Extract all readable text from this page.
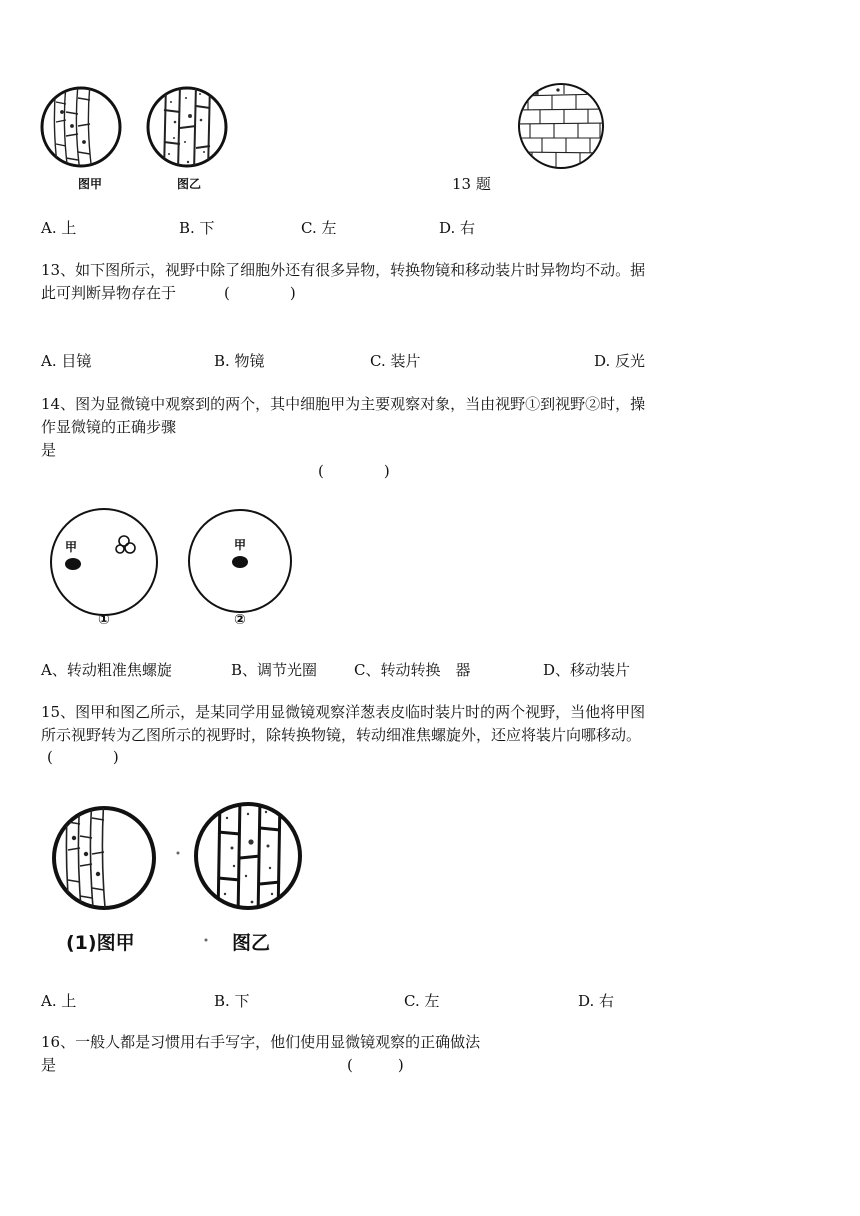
图甲	图乙	13 题
A. 上	B. 下	C. 左	D. 右
13、如下图所示，视野中除了细胞外还有很多异物，转换物镜和移动装片时异物均不动。据
此可判断异物存在于	(　　　　)
A. 目镜	B. 物镜	C. 装片	D. 反光
14、图为显微镜中观察到的两个，其中细胞甲为主要观察对象，当由视野①到视野②时，操
作显微镜的正确步骤
是
(　　　　)
甲	甲
①	②
A、转动粗准焦螺旋	B、调节光圈 C、转动转换　器	D、移动装片
15、图甲和图乙所示，是某同学用显微镜观察洋葱表皮临时装片时的两个视野，当他将甲图
所示视野转为乙图所示的视野时，除转换物镜，转动细准焦螺旋外，还应将装片向哪移动。
(　　　　)
(1)图甲	图乙
A. 上	B. 下	C. 左	D. 右
16、一般人都是习惯用右手写字，他们使用显微镜观察的正确做法
是	(　　　)
